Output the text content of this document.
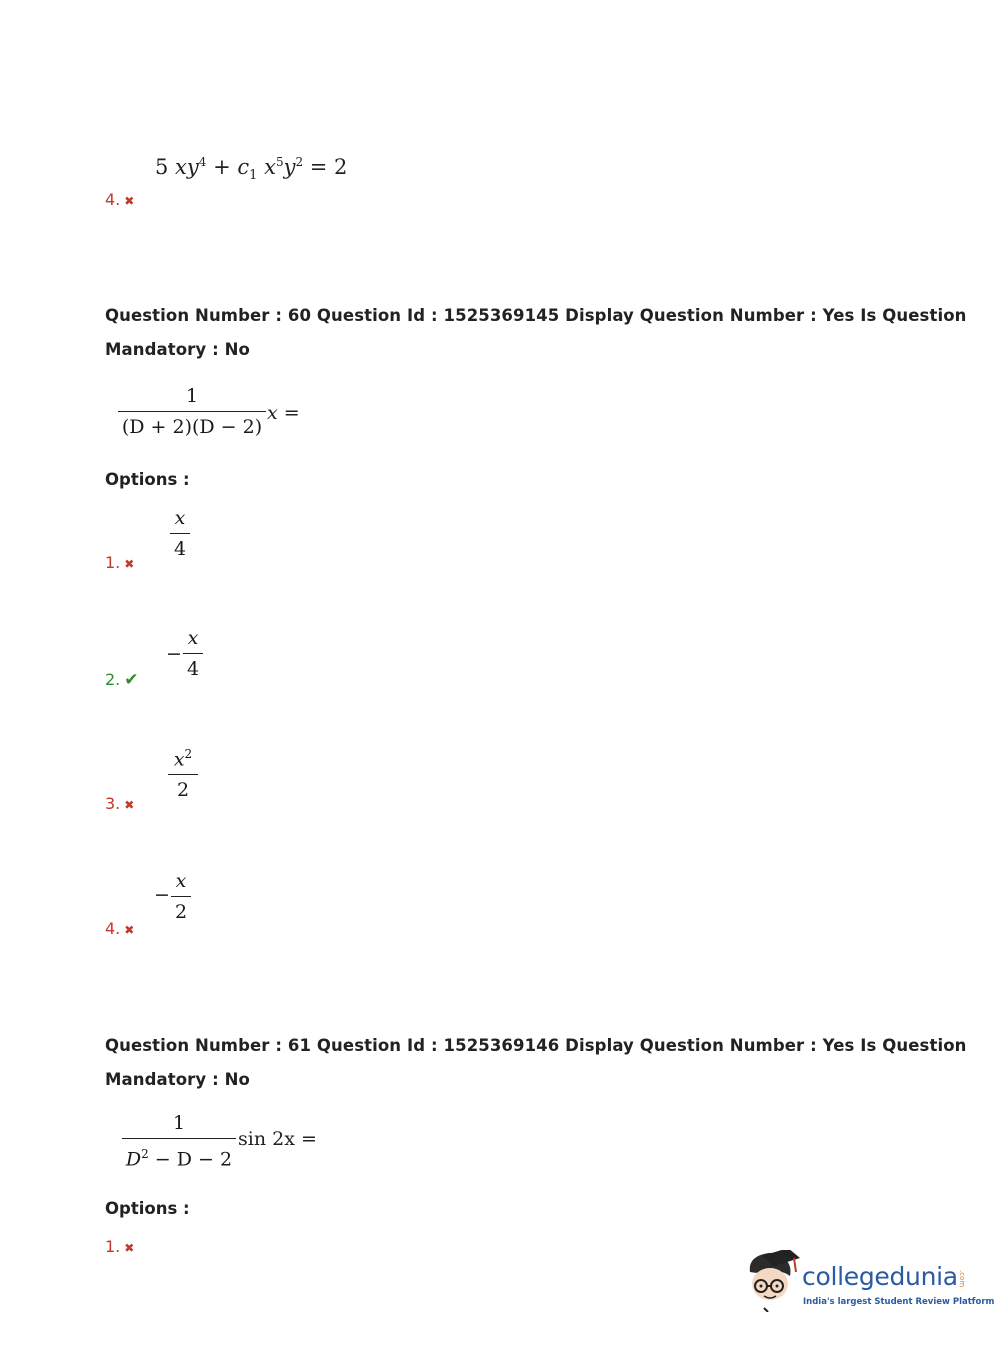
5 $xy^4 + c_1$ $x^5y^2 = 2$
4. ✖
Question Number : 60 Question Id : 1525369145 Display Question Number : Yes Is Question
Mandatory : No
1
(D + 2)(D − 2)
x =
Options :
x
4
1. ✖
−
x
4
2. ✔
$x^2$
2
3. ✖
−
x
2
4. ✖
Question Number : 61 Question Id : 1525369146 Display Question Number : Yes Is Question
Mandatory : No
1
$D^2 - D - 2$
sin 2x =
Options :
1. ✖
collegedunia .com
India's largest Student Review Platform
